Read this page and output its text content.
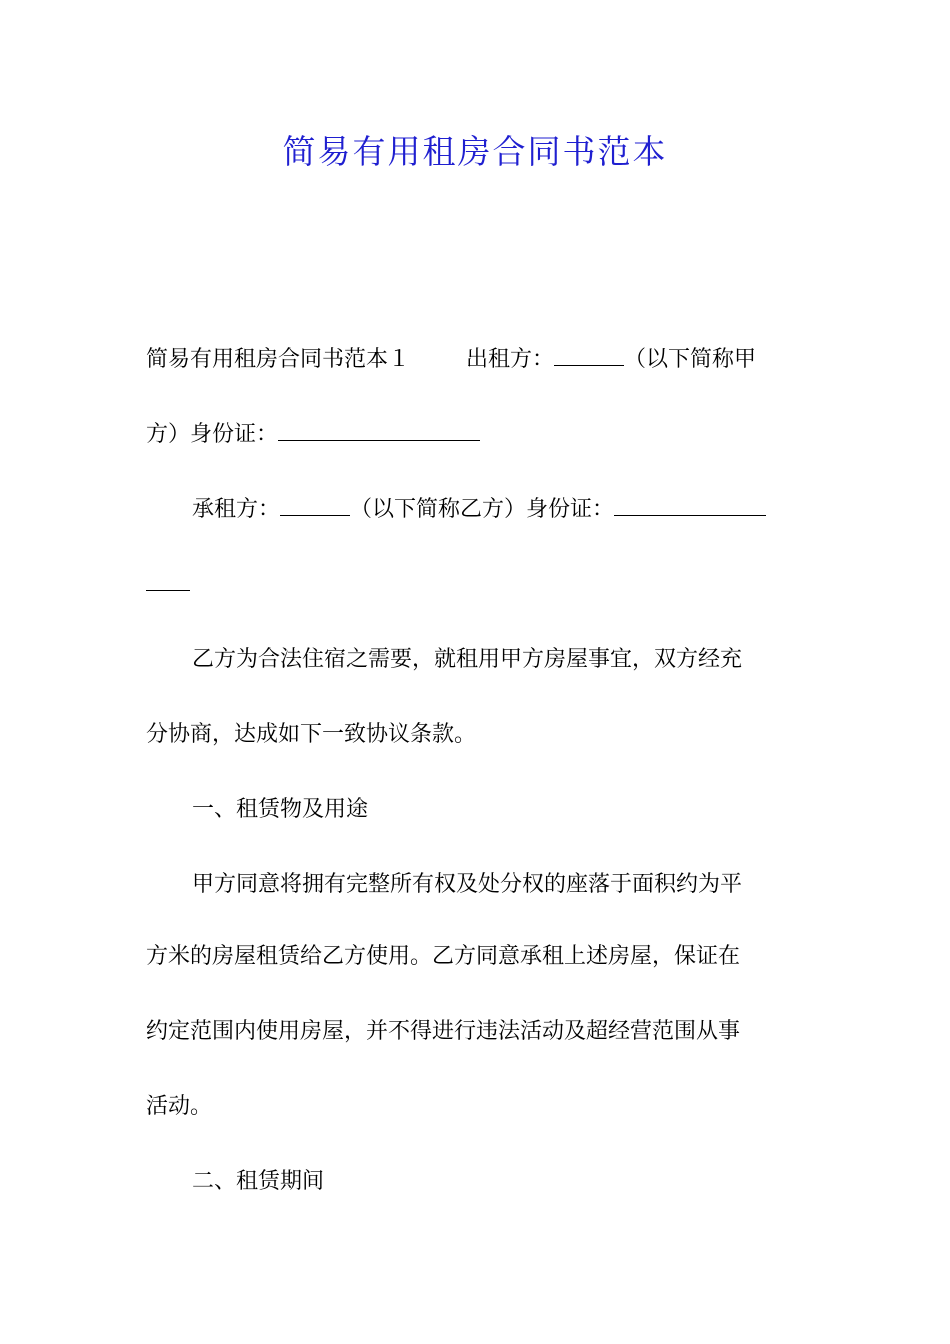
简易有用租房合同书范本
简易有用租房合同书范本１	出租方：	（以下简称甲
方）身份证：
承租方：	（以下简称乙方）身份证：
乙方为合法住宿之需要，就租用甲方房屋事宜，双方经充
分协商，达成如下一致协议条款。
一、租赁物及用途
甲方同意将拥有完整所有权及处分权的座落于面积约为平
方米的房屋租赁给乙方使用。乙方同意承租上述房屋，保证在
约定范围内使用房屋，并不得进行违法活动及超经营范围从事
活动。
二、租赁期间
